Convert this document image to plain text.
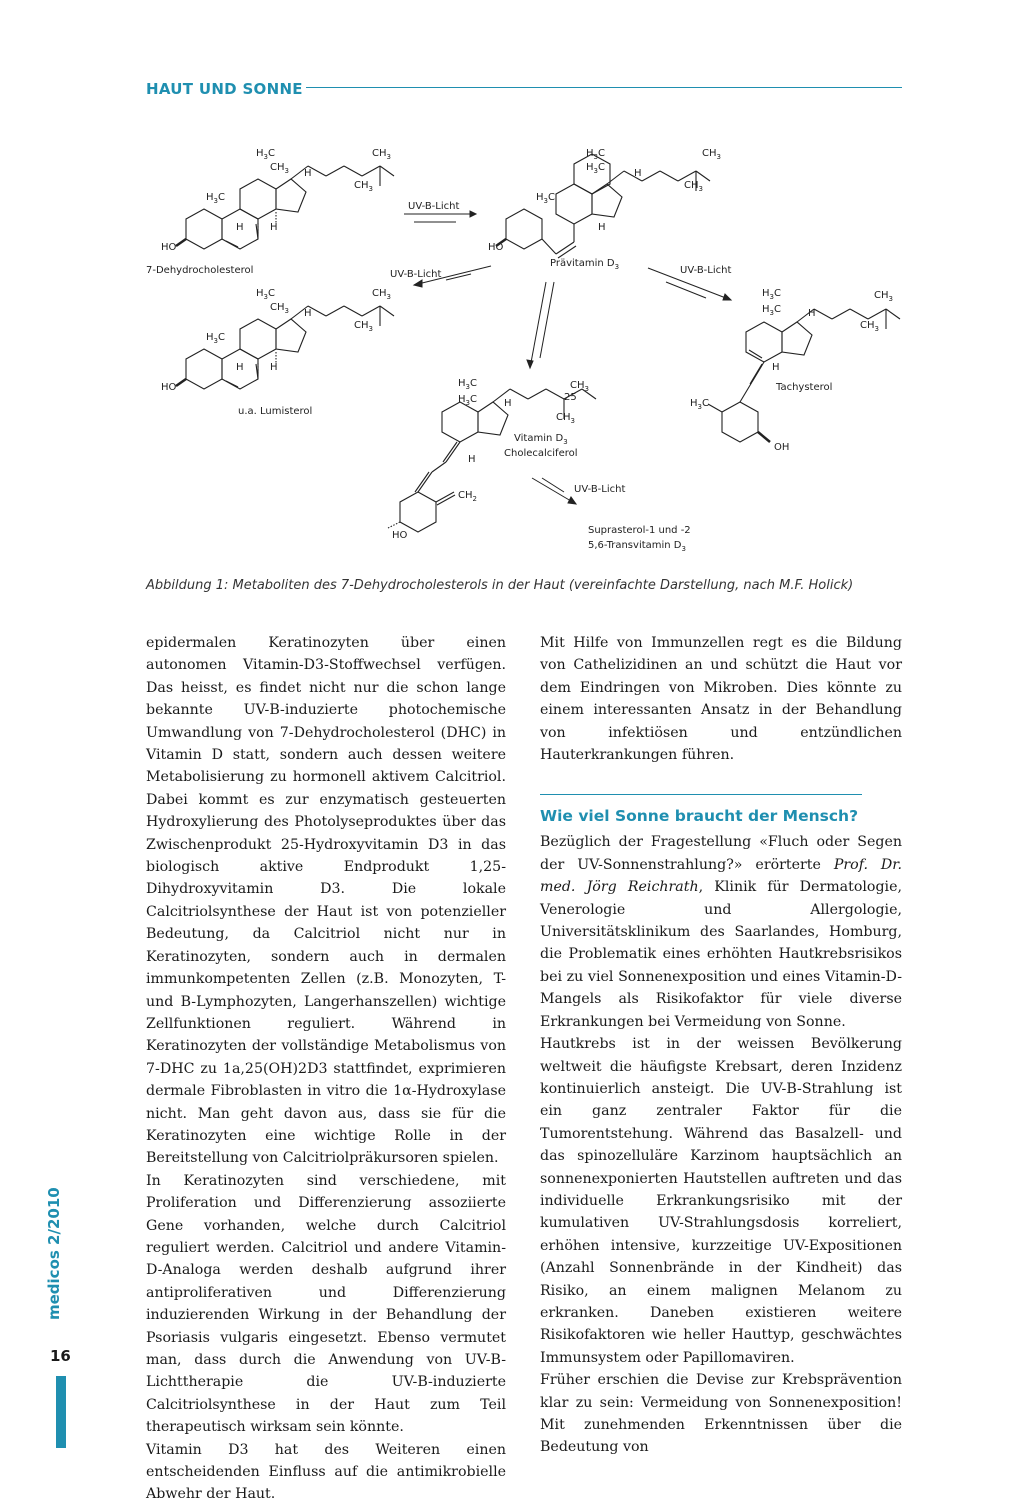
HAUT UND SONNE
$H_3C$	$CH_3$
$CH_3$ H
$CH_3$
$H_3C$
H	H
HO
7-Dehydrocholesterol
$H_3C$	$CH_3$
$H_3C$
H
$CH_3$
$H_3C$
H
HO
Prävitamin $D_3$
$H_3C$	$CH_3$
$CH_3$ H
$CH_3$
$H_3C$
H	H
HO
u.a. Lumisterol
$H_3C$	$CH_3$
$H_3C$	H
$CH_3$
H
$H_3C$
OH
Tachysterol
$H_3C$	$CH_3$
25
$H_3C$	H
$CH_3$
H
$CH_2$
HO
Vitamin $D_3$
Cholecalciferol
Suprasterol-1 und -2
5,6-Transvitamin $D_3$
UV-B-Licht
UV-B-Licht	UV-B-Licht
UV-B-Licht
Abbildung 1: Metaboliten des 7-Dehydrocholesterols in der Haut (vereinfachte Darstellung, nach M.F. Holick)

epidermalen Keratinozyten über einen autonomen Vitamin-D3-Stoffwechsel verfügen. Das heisst, es findet nicht nur die schon lange bekannte UV-B-induzierte photochemische Umwandlung von 7-Dehydrocholesterol (DHC) in Vitamin D statt, sondern auch dessen weitere Metabolisierung zu hormonell aktivem Calcitriol. Dabei kommt es zur enzymatisch gesteuerten Hydroxylierung des Photolyseproduktes über das Zwischenprodukt 25-Hydroxyvitamin D3 in das biologisch aktive Endprodukt 1,25-Dihydroxyvitamin D3. Die lokale Calcitriolsynthese der Haut ist von potenzieller Bedeutung, da Calcitriol nicht nur in Keratinozyten, sondern auch in dermalen immunkompetenten Zellen (z.B. Monozyten, T- und B-Lymphozyten, Langerhanszellen) wichtige Zellfunktionen reguliert. Während in Keratinozyten der vollständige Metabolismus von 7-DHC zu 1a,25(OH)2D3 stattfindet, exprimieren dermale Fibroblasten in vitro die 1α-Hydroxylase nicht. Man geht davon aus, dass sie für die Keratinozyten eine wichtige Rolle in der Bereitstellung von Calcitriolpräkursoren spielen.

In Keratinozyten sind verschiedene, mit Proliferation und Differenzierung assoziierte Gene vorhanden, welche durch Calcitriol reguliert werden. Calcitriol und andere Vitamin-D-Analoga werden deshalb aufgrund ihrer antiproliferativen und Differenzierung induzierenden Wirkung in der Behandlung der Psoriasis vulgaris eingesetzt. Ebenso vermutet man, dass durch die Anwendung von UV-B-Lichttherapie die UV-B-induzierte Calcitriolsynthese in der Haut zum Teil therapeutisch wirksam sein könnte.

Vitamin D3 hat des Weiteren einen entscheidenden Einfluss auf die antimikrobielle Abwehr der Haut.

Mit Hilfe von Immunzellen regt es die Bildung von Cathelizidinen an und schützt die Haut vor dem Eindringen von Mikroben. Dies könnte zu einem interessanten Ansatz in der Behandlung von infektiösen und entzündlichen Hauterkrankungen führen.

Wie viel Sonne braucht der Mensch?

Bezüglich der Fragestellung «Fluch oder Segen der UV-Sonnenstrahlung?» erörterte Prof. Dr. med. Jörg Reichrath, Klinik für Dermatologie, Venerologie und Allergologie, Universitätsklinikum des Saarlandes, Homburg, die Problematik eines erhöhten Hautkrebsrisikos bei zu viel Sonnenexposition und eines Vitamin-D-Mangels als Risikofaktor für viele diverse Erkrankungen bei Vermeidung von Sonne.

Hautkrebs ist in der weissen Bevölkerung weltweit die häufigste Krebsart, deren Inzidenz kontinuierlich ansteigt. Die UV-B-Strahlung ist ein ganz zentraler Faktor für die Tumorentstehung. Während das Basalzell- und das spinozelluläre Karzinom hauptsächlich an sonnenexponierten Hautstellen auftreten und das individuelle Erkrankungsrisiko mit der kumulativen UV-Strahlungsdosis korreliert, erhöhen intensive, kurzzeitige UV-Expositionen (Anzahl Sonnenbrände in der Kindheit) das Risiko, an einem malignen Melanom zu erkranken. Daneben existieren weitere Risikofaktoren wie heller Hauttyp, geschwächtes Immunsystem oder Papillomaviren.

Früher erschien die Devise zur Krebsprävention klar zu sein: Vermeidung von Sonnenexposition! Mit zunehmenden Erkenntnissen über die Bedeutung von

medicos 2/2010
16
